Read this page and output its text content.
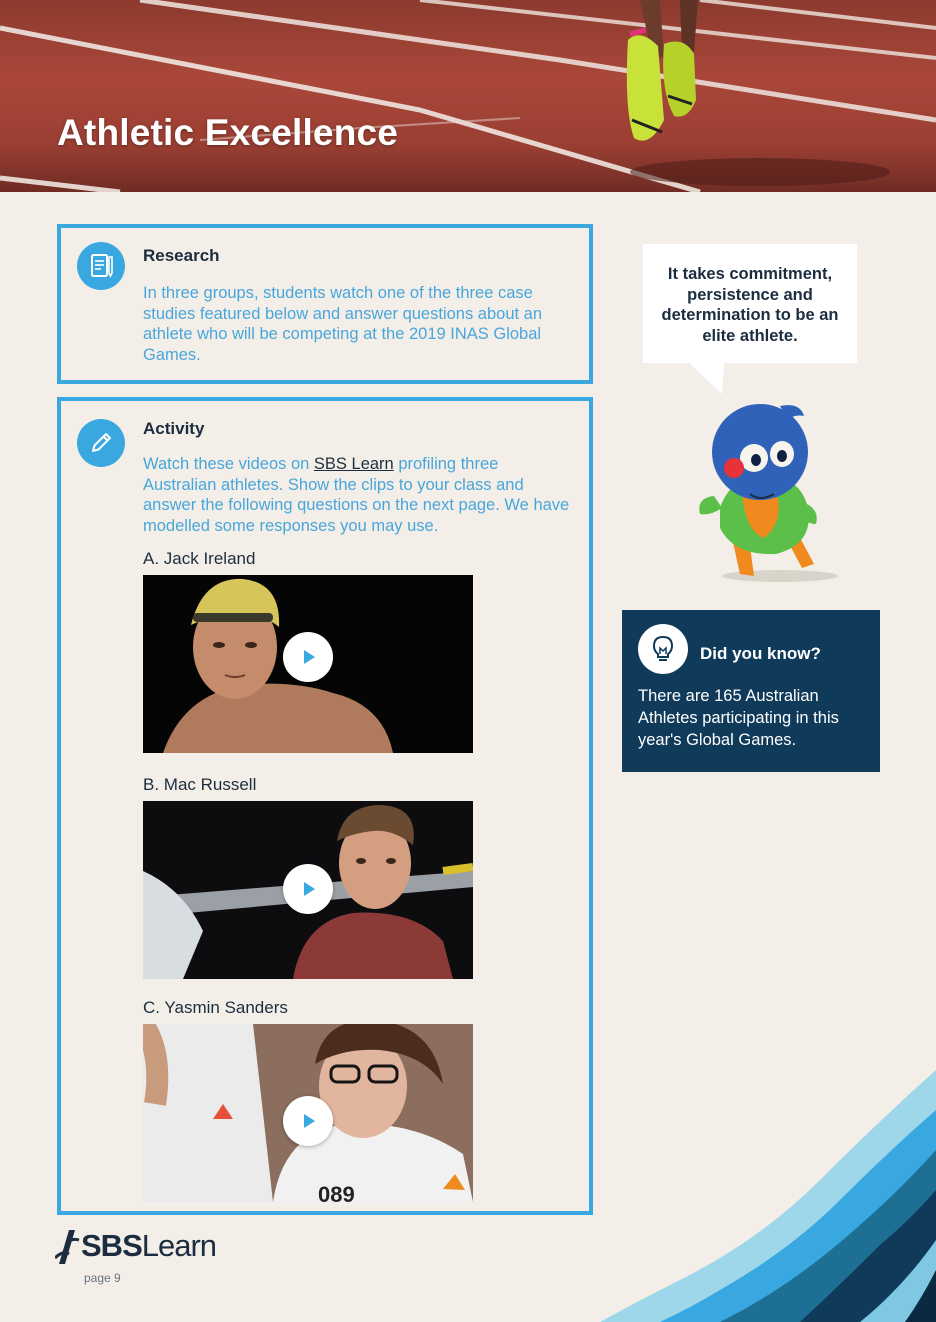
Athletic Excellence
Research

In three groups, students watch one of the three case studies featured below and answer questions about an athlete who will be competing at the 2019 INAS Global Games.

Activity

Watch these videos on SBS Learn profiling three Australian athletes. Show the clips to your class and answer the following questions on the next page. We have modelled some responses you may use.

A. Jack Ireland

B. Mac Russell

C. Yasmin Sanders

089

It takes commitment, persistence and determination to be an elite athlete.

Did you know?

There are 165 Australian Athletes participating in this year's Global Games.

SBSLearn

page 9
